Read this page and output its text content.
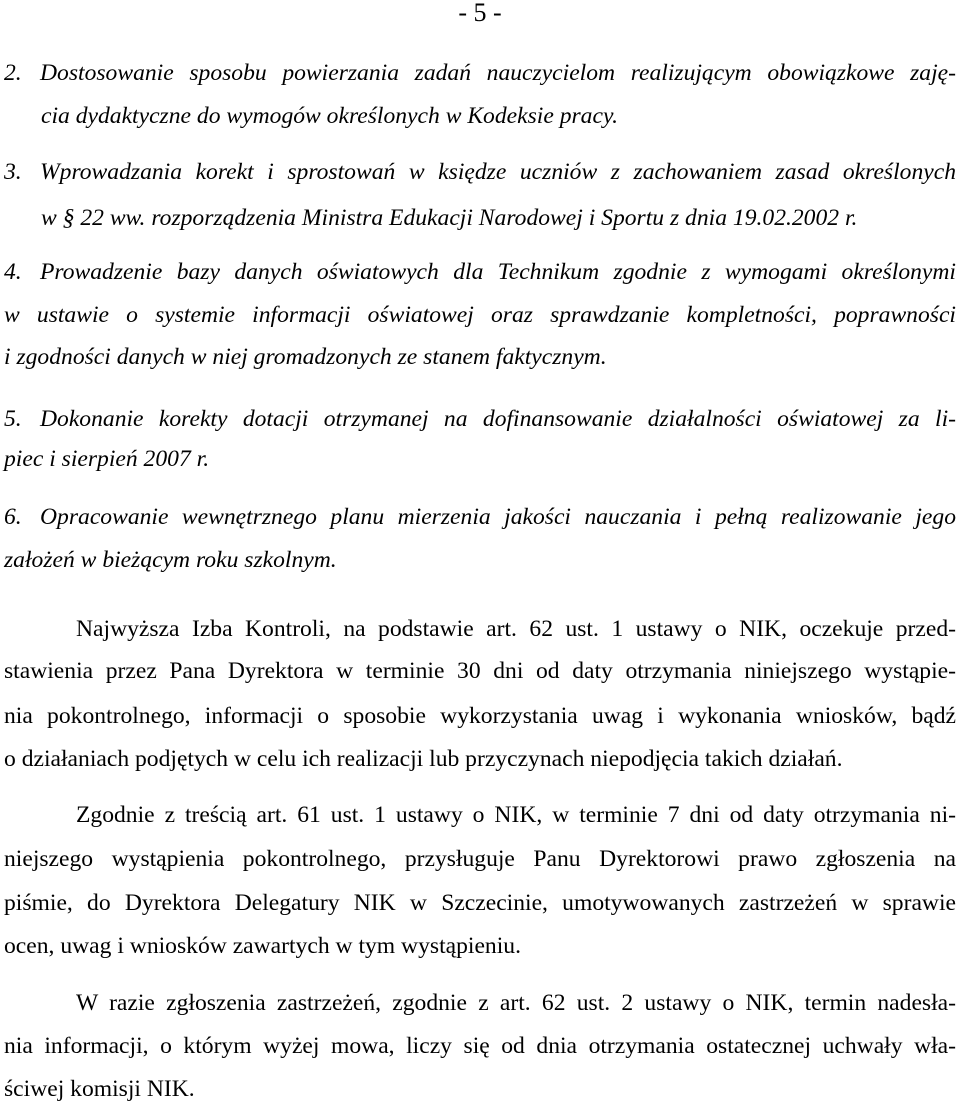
- 5 -
2. Dostosowanie sposobu powierzania zadań nauczycielom realizującym obowiązkowe zaję-
cia dydaktyczne do wymogów określonych w Kodeksie pracy.
3. Wprowadzania korekt i sprostowań w księdze uczniów z zachowaniem zasad określonych
w § 22 ww. rozporządzenia Ministra Edukacji Narodowej i Sportu z dnia 19.02.2002 r.
4. Prowadzenie bazy danych oświatowych dla Technikum zgodnie z wymogami określonymi
w ustawie o systemie informacji oświatowej oraz sprawdzanie kompletności, poprawności
i zgodności danych w niej gromadzonych ze stanem faktycznym.
5. Dokonanie korekty dotacji otrzymanej na dofinansowanie działalności oświatowej za li-
piec i sierpień 2007 r.
6. Opracowanie wewnętrznego planu mierzenia jakości nauczania i pełną realizowanie jego
założeń w bieżącym roku szkolnym.
Najwyższa Izba Kontroli, na podstawie art. 62 ust. 1 ustawy o NIK, oczekuje przed-
stawienia przez Pana Dyrektora w terminie 30 dni od daty otrzymania niniejszego wystąpie-
nia pokontrolnego, informacji o sposobie wykorzystania uwag i wykonania wniosków, bądź
o działaniach podjętych w celu ich realizacji lub przyczynach niepodjęcia takich działań.
Zgodnie z treścią art. 61 ust. 1 ustawy o NIK, w terminie 7 dni od daty otrzymania ni-
niejszego wystąpienia pokontrolnego, przysługuje Panu Dyrektorowi prawo zgłoszenia na
piśmie, do Dyrektora Delegatury NIK w Szczecinie, umotywowanych zastrzeżeń w sprawie
ocen, uwag i wniosków zawartych w tym wystąpieniu.
W razie zgłoszenia zastrzeżeń, zgodnie z art. 62 ust. 2 ustawy o NIK, termin nadesła-
nia informacji, o którym wyżej mowa, liczy się od dnia otrzymania ostatecznej uchwały wła-
ściwej komisji NIK.
